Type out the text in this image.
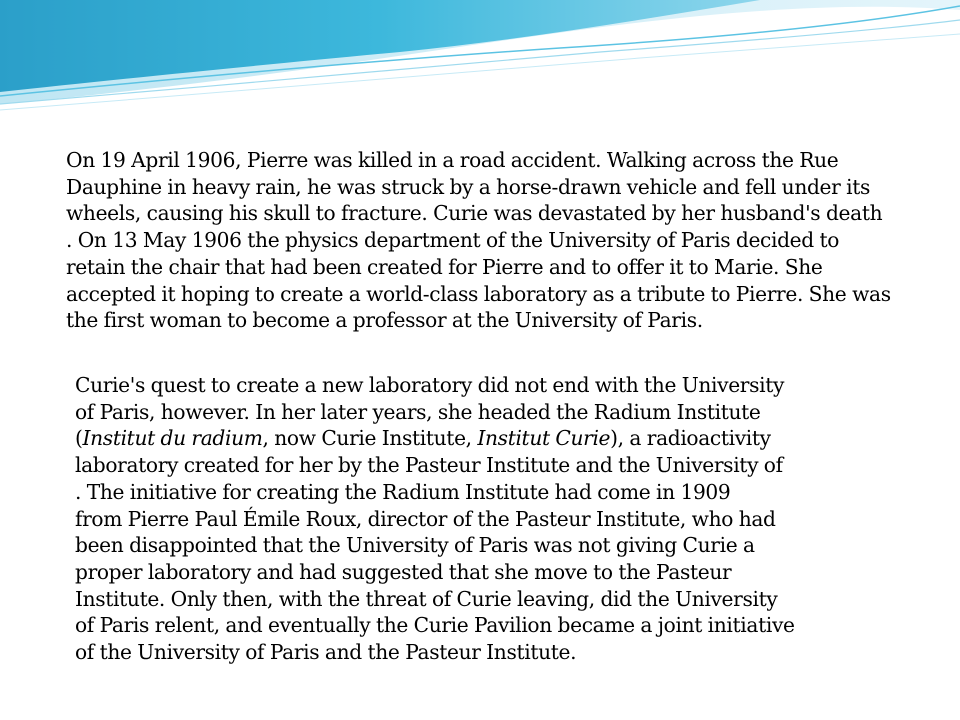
On 19 April 1906, Pierre was killed in a road accident. Walking across the Rue
Dauphine in heavy rain, he was struck by a horse-drawn vehicle and fell under its
wheels, causing his skull to fracture. Curie was devastated by her husband's death
. On 13 May 1906 the physics department of the University of Paris decided to
retain the chair that had been created for Pierre and to offer it to Marie. She
accepted it hoping to create a world-class laboratory as a tribute to Pierre. She was
the first woman to become a professor at the University of Paris.
Curie's quest to create a new laboratory did not end with the University
of Paris, however. In her later years, she headed the Radium Institute
(Institut du radium, now Curie Institute, Institut Curie), a radioactivity
laboratory created for her by the Pasteur Institute and the University of
. The initiative for creating the Radium Institute had come in 1909
from Pierre Paul Émile Roux, director of the Pasteur Institute, who had
been disappointed that the University of Paris was not giving Curie a
proper laboratory and had suggested that she move to the Pasteur
Institute. Only then, with the threat of Curie leaving, did the University
of Paris relent, and eventually the Curie Pavilion became a joint initiative
of the University of Paris and the Pasteur Institute.
